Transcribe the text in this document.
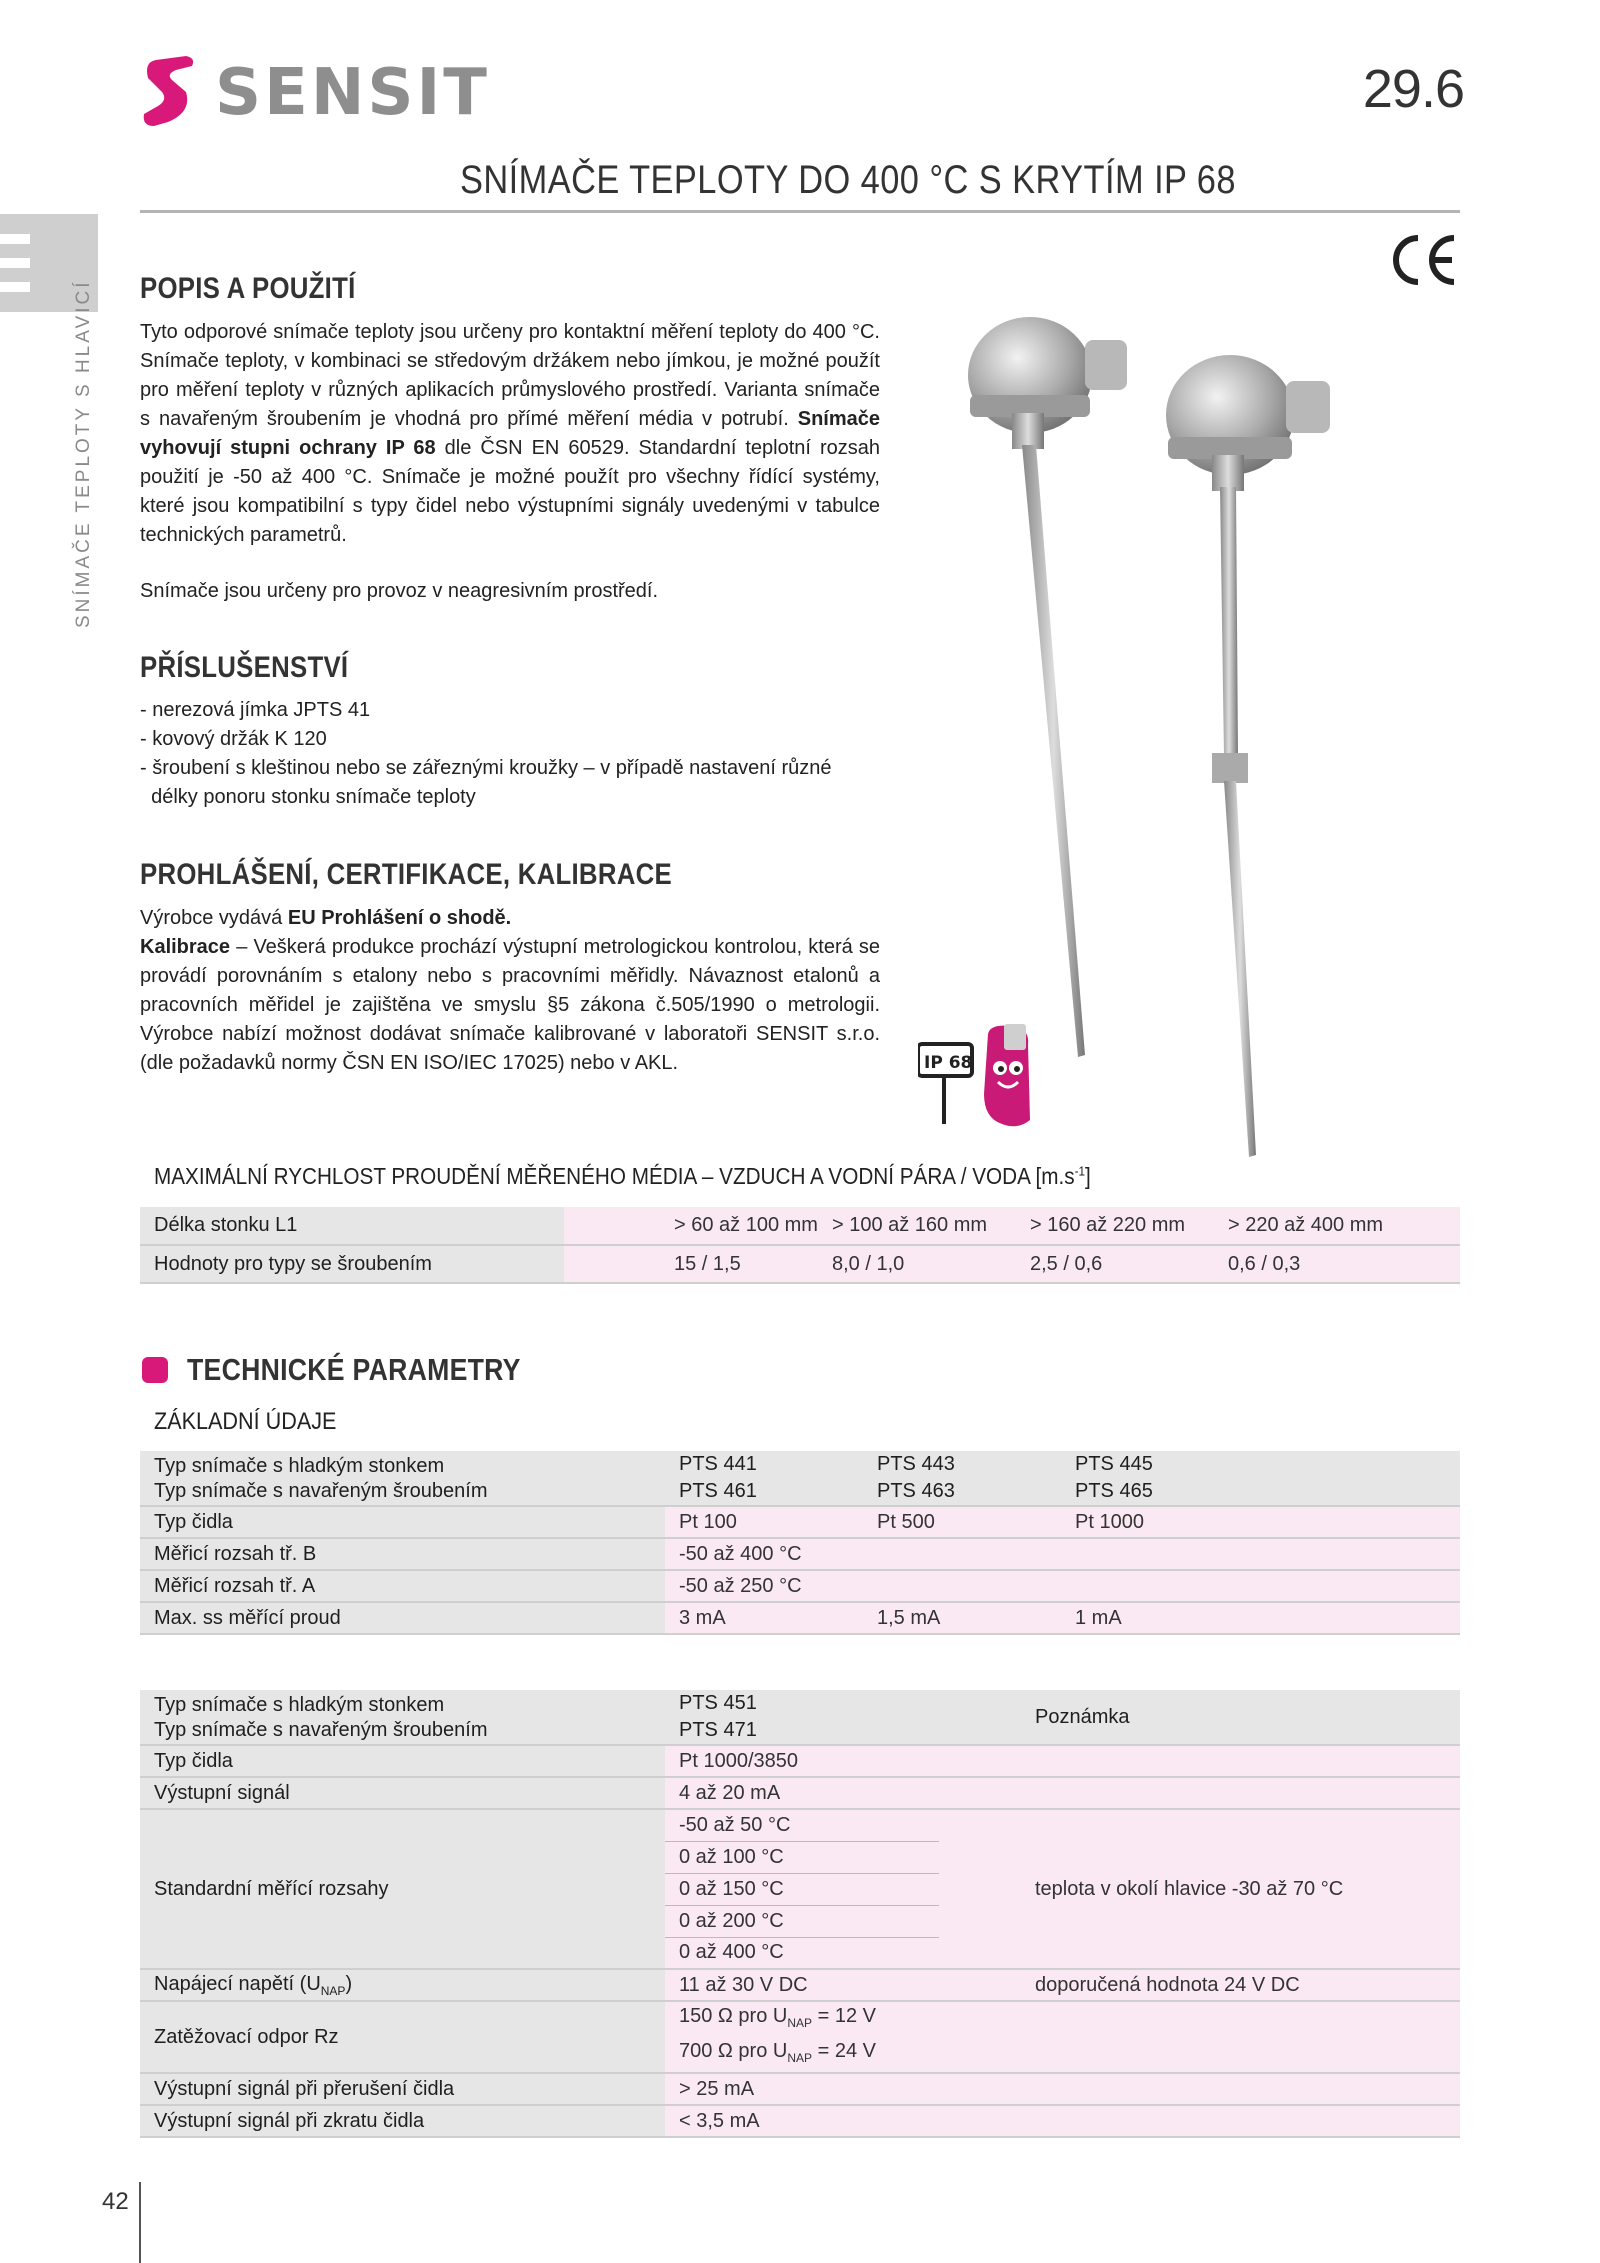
SENSIT	29.6
SNÍMAČE TEPLOTY DO 400 °C S KRYTÍM IP 68
SNÍMAČE TEPLOTY S HLAVICÍ POPIS A POUŽITÍ
Tyto odporové snímače teploty jsou určeny pro kontaktní měření teploty do 400 °C. Snímače teploty, v kombinaci se středovým držákem nebo jímkou, je možné použít pro měření teploty v různých aplikacích průmyslového prostředí. Varianta snímače s navařeným šroubením je vhodná pro přímé měření média v potrubí. Snímače vyhovují stupni ochrany IP 68 dle ČSN EN 60529. Standardní teplotní rozsah použití je -50 až 400 °C. Snímače je možné použít pro všechny řídící systémy, které jsou kompatibilní s typy čidel nebo výstupními signály uvedenými v tabulce technických parametrů.
Snímače jsou určeny pro provoz v neagresivním prostředí.
PŘÍSLUŠENSTVÍ
- nerezová jímka JPTS 41
- kovový držák K 120
- šroubení s kleštinou nebo se zářeznými kroužky – v případě nastavení různé
délky ponoru stonku snímače teploty
PROHLÁŠENÍ, CERTIFIKACE, KALIBRACE
Výrobce vydává EU Prohlášení o shodě.
Kalibrace – Veškerá produkce prochází výstupní metrologickou kontrolou, která se provádí porovnáním s etalony nebo s pracovními měřidly. Návaznost etalonů a pracovních měřidel je zajištěna ve smyslu §5 zákona č.505/1990 o metrologii. Výrobce nabízí možnost dodávat snímače kalibrované v laboratoři SENSIT s.r.o. (dle požadavků normy ČSN EN ISO/IEC 17025) nebo v AKL.	IP 68
MAXIMÁLNÍ RYCHLOST PROUDĚNÍ MĚŘENÉHO MÉDIA – VZDUCH A VODNÍ PÁRA / VODA $[m.s^{-1}]$
Délka stonku L1	> 60 až 100 mm	> 100 až 160 mm	> 160 až 220 mm	> 220 až 400 mm
Hodnoty pro typy se šroubením	15 / 1,5	8,0 / 1,0	2,5 / 0,6	0,6 / 0,3
TECHNICKÉ PARAMETRY
ZÁKLADNÍ ÚDAJE
Typ snímače s hladkým stonkem	PTS 441	PTS 443	PTS 445
Typ snímače s navařeným šroubením	PTS 461	PTS 463	PTS 465
Typ čidla	Pt 100	Pt 500	Pt 1000
Měřicí rozsah tř. B	-50 až 400 °C		
Měřicí rozsah tř. A	-50 až 250 °C		
Max. ss měřící proud	3 mA	1,5 mA	1 mA
Typ snímače s hladkým stonkem	PTS 451		Poznámka
Typ snímače s navařeným šroubením	PTS 471		
Typ čidla	Pt 1000/3850		
Výstupní signál	4 až 20 mA		
Standardní měřící rozsahy	-50 až 50 °C		teplota v okolí hlavice -30 až 70 °C
	0 až 100 °C		
	0 až 150 °C		
	0 až 200 °C		
	0 až 400 °C		
Napájecí napětí $(U_{NAP})$	11 až 30 V DC		doporučená hodnota 24 V DC
Zatěžovací odpor Rz	150 Ω pro $U_{NAP} = 12$ V
700 Ω pro $U_{NAP} = 24$ V		

Výstupní signál při přerušení čidla	> 25 mA		
Výstupní signál při zkratu čidla	< 3,5 mA		
42
